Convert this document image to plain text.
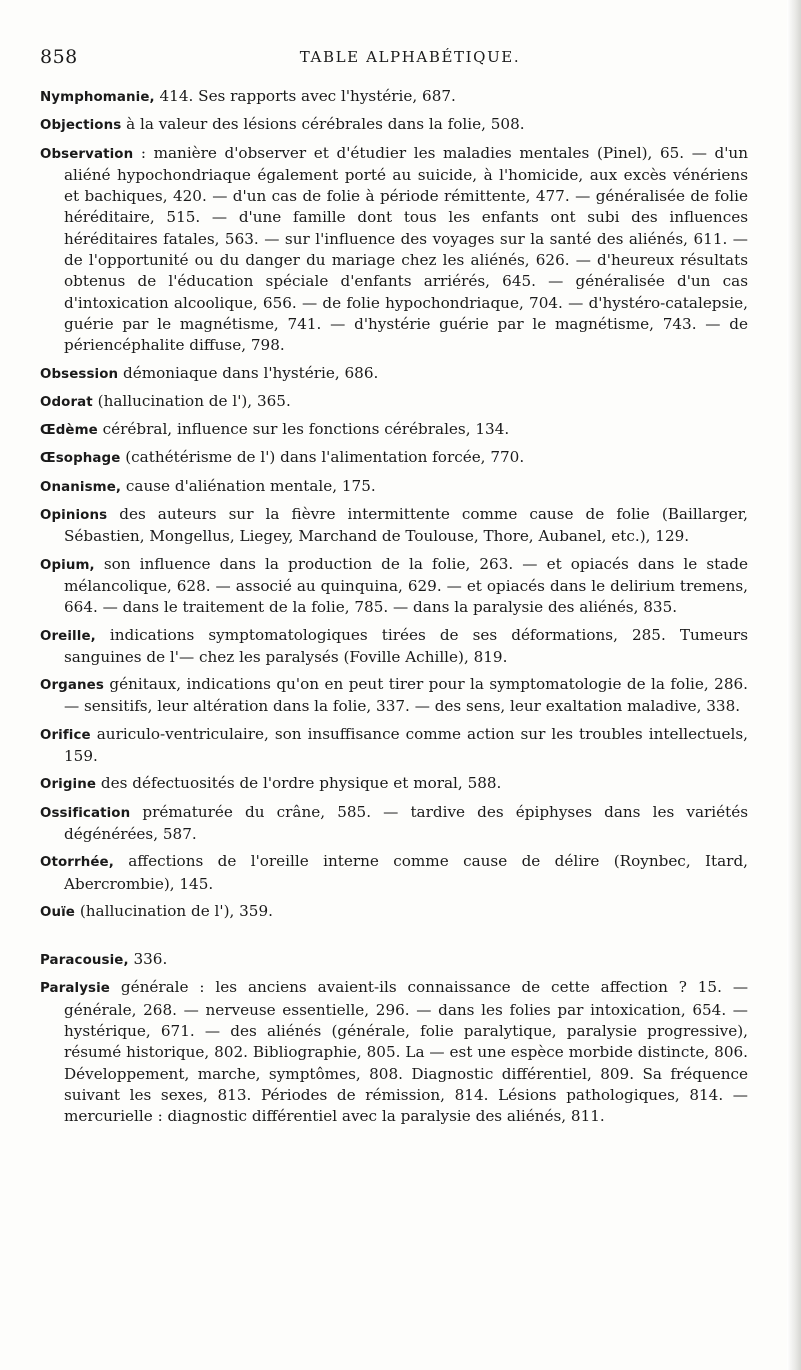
858	TABLE ALPHABÉTIQUE.

Nymphomanie, 414. Ses rapports avec l'hystérie, 687.

Objections à la valeur des lésions cérébrales dans la folie, 508.

Observation : manière d'observer et d'étudier les maladies mentales (Pinel), 65. — d'un aliéné hypochondriaque également porté au suicide, à l'homicide, aux excès vénériens et bachiques, 420. — d'un cas de folie à période rémittente, 477. — généralisée de folie héréditaire, 515. — d'une famille dont tous les enfants ont subi des influences héréditaires fatales, 563. — sur l'influence des voyages sur la santé des aliénés, 611. — de l'opportunité ou du danger du mariage chez les aliénés, 626. — d'heureux résultats obtenus de l'éducation spéciale d'enfants arriérés, 645. — généralisée d'un cas d'intoxication alcoolique, 656. — de folie hypochondriaque, 704. — d'hystéro-catalepsie, guérie par le magnétisme, 741. — d'hystérie guérie par le magnétisme, 743. — de périencéphalite diffuse, 798.

Obsession démoniaque dans l'hystérie, 686.

Odorat (hallucination de l'), 365.

Œdème cérébral, influence sur les fonctions cérébrales, 134.

Œsophage (cathétérisme de l') dans l'alimentation forcée, 770.

Onanisme, cause d'aliénation mentale, 175.

Opinions des auteurs sur la fièvre intermittente comme cause de folie (Baillarger, Sébastien, Mongellus, Liegey, Marchand de Toulouse, Thore, Aubanel, etc.), 129.

Opium, son influence dans la production de la folie, 263. — et opiacés dans le stade mélancolique, 628. — associé au quinquina, 629. — et opiacés dans le delirium tremens, 664. — dans le traitement de la folie, 785. — dans la paralysie des aliénés, 835.

Oreille, indications symptomatologiques tirées de ses déformations, 285. Tumeurs sanguines de l'— chez les paralysés (Foville Achille), 819.

Organes génitaux, indications qu'on en peut tirer pour la symptomatologie de la folie, 286. — sensitifs, leur altération dans la folie, 337. — des sens, leur exaltation maladive, 338.

Orifice auriculo-ventriculaire, son insuffisance comme action sur les troubles intellectuels, 159.

Origine des défectuosités de l'ordre physique et moral, 588.

Ossification prématurée du crâne, 585. — tardive des épiphyses dans les variétés dégénérées, 587.

Otorrhée, affections de l'oreille interne comme cause de délire (Roynbec, Itard, Abercrombie), 145.

Ouïe (hallucination de l'), 359.

Paracousie, 336.

Paralysie générale : les anciens avaient-ils connaissance de cette affection ? 15. — générale, 268. — nerveuse essentielle, 296. — dans les folies par intoxication, 654. — hystérique, 671. — des aliénés (générale, folie paralytique, paralysie progressive), résumé historique, 802. Bibliographie, 805. La — est une espèce morbide distincte, 806. Développement, marche, symptômes, 808. Diagnostic différentiel, 809. Sa fréquence suivant les sexes, 813. Périodes de rémission, 814. Lésions pathologiques, 814. — mercurielle : diagnostic différentiel avec la paralysie des aliénés, 811.
